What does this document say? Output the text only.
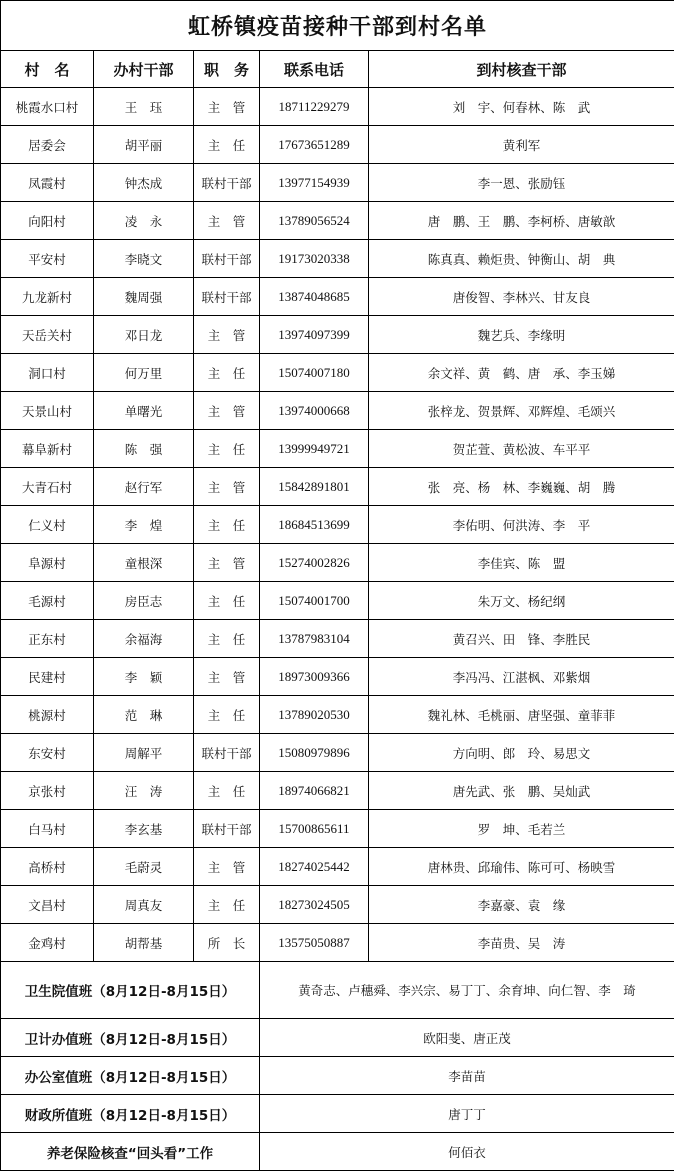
虹桥镇疫苗接种干部到村名单				
村　名	办村干部	职　务	联系电话	到村核查干部
桃霞水口村	王　珏	主　管	18711229279	刘　宇、何春林、陈　武
居委会	胡平丽	主　任	17673651289	黄利军
凤霞村	钟杰成	联村干部	13977154939	李一恩、张励钰
向阳村	凌　永	主　管	13789056524	唐　鹏、王　鹏、李柯桥、唐敏歆
平安村	李晓文	联村干部	19173020338	陈真真、赖炬贵、钟衡山、胡　典
九龙新村	魏周强	联村干部	13874048685	唐俊智、李林兴、甘友良
天岳关村	邓日龙	主　管	13974097399	魏艺兵、李缘明
洞口村	何万里	主　任	15074007180	余文祥、黄　鹤、唐　承、李玉娣
天景山村	单曙光	主　管	13974000668	张梓龙、贺景辉、邓辉煌、毛颂兴
幕阜新村	陈　强	主　任	13999949721	贺芷萱、黄松波、车平平
大青石村	赵行军	主　管	15842891801	张　亮、杨　林、李巍巍、胡　腾
仁义村	李　煌	主　任	18684513699	李佑明、何洪涛、李　平
阜源村	童根深	主　管	15274002826	李佳宾、陈　盟
毛源村	房臣志	主　任	15074001700	朱万文、杨纪纲
正东村	余福海	主　任	13787983104	黄召兴、田　锋、李胜民
民建村	李　颖	主　管	18973009366	李冯冯、江湛枫、邓紫烟
桃源村	范　琳	主　任	13789020530	魏礼林、毛桃丽、唐坚强、童菲菲
东安村	周解平	联村干部	15080979896	方向明、郎　玲、易思文
京张村	汪　涛	主　任	18974066821	唐先武、张　鹏、吴灿武
白马村	李玄基	联村干部	15700865611	罗　坤、毛若兰
高桥村	毛蔚灵	主　管	18274025442	唐林贵、邱瑜伟、陈可可、杨映雪
文昌村	周真友	主　任	18273024505	李嘉豪、袁　缘
金鸡村	胡帮基	所　长	13575050887	李苗贵、吴　涛
卫生院值班（8月12日-8月15日）			黄奇志、卢穗舜、李兴宗、易丁丁、余育坤、向仁智、李　琦	
卫计办值班（8月12日-8月15日）			欧阳斐、唐正茂	
办公室值班（8月12日-8月15日）			李苗苗	
财政所值班（8月12日-8月15日）			唐丁丁	
养老保险核查“回头看”工作			何佰衣	
